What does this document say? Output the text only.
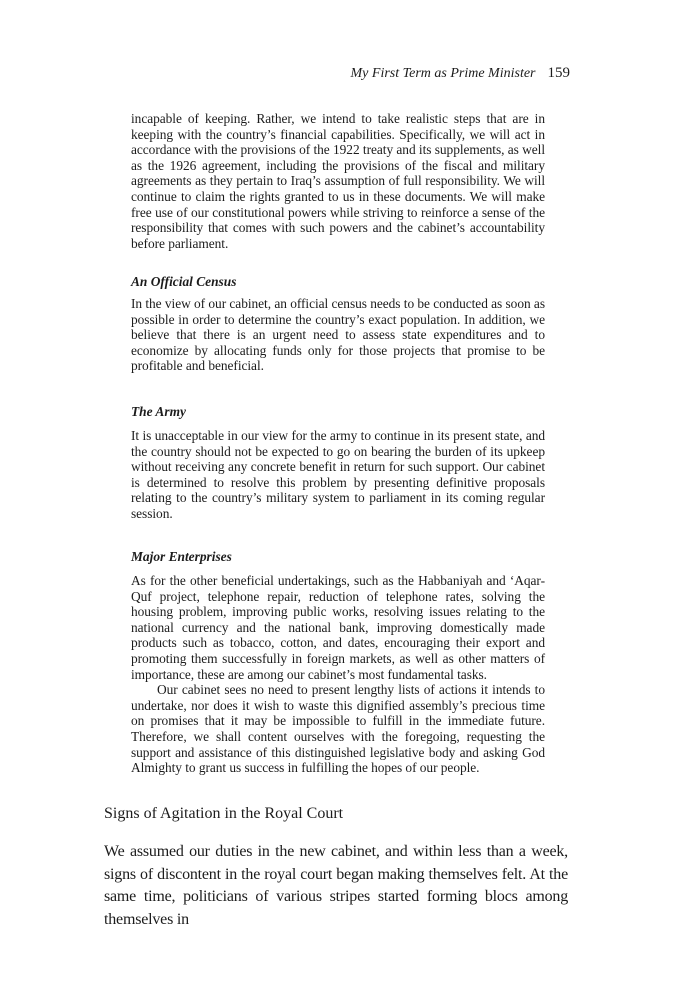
My First Term as Prime Minister 159

incapable of keeping. Rather, we intend to take realistic steps that are in keeping with the country’s financial capabilities. Specifically, we will act in accordance with the provisions of the 1922 treaty and its supplements, as well as the 1926 agreement, including the provisions of the fiscal and military agreements as they pertain to Iraq’s assumption of full responsibility. We will continue to claim the rights granted to us in these documents. We will make free use of our constitutional powers while striving to reinforce a sense of the responsibility that comes with such powers and the cabinet’s accountability before parliament.

An Official Census

In the view of our cabinet, an official census needs to be conducted as soon as possible in order to determine the country’s exact population. In addition, we believe that there is an urgent need to assess state expenditures and to economize by allocating funds only for those projects that promise to be profitable and beneficial.

The Army

It is unacceptable in our view for the army to continue in its present state, and the country should not be expected to go on bearing the burden of its upkeep without receiving any concrete benefit in return for such support. Our cabinet is determined to resolve this problem by presenting definitive proposals relating to the country’s military system to parliament in its coming regular session.

Major Enterprises

As for the other beneficial undertakings, such as the Habbaniyah and ‘Aqar-Quf project, telephone repair, reduction of telephone rates, solving the housing problem, improving public works, resolving issues relating to the national currency and the national bank, improving domestically made products such as tobacco, cotton, and dates, encouraging their export and promoting them successfully in foreign markets, as well as other matters of importance, these are among our cabinet’s most fundamental tasks.

Our cabinet sees no need to present lengthy lists of actions it intends to undertake, nor does it wish to waste this dignified assembly’s precious time on promises that it may be impossible to fulfill in the immediate future. Therefore, we shall content ourselves with the foregoing, requesting the support and assistance of this distinguished legislative body and asking God Almighty to grant us success in fulfilling the hopes of our people.

Signs of Agitation in the Royal Court

We assumed our duties in the new cabinet, and within less than a week, signs of discontent in the royal court began making themselves felt. At the same time, politicians of various stripes started forming blocs among themselves in
